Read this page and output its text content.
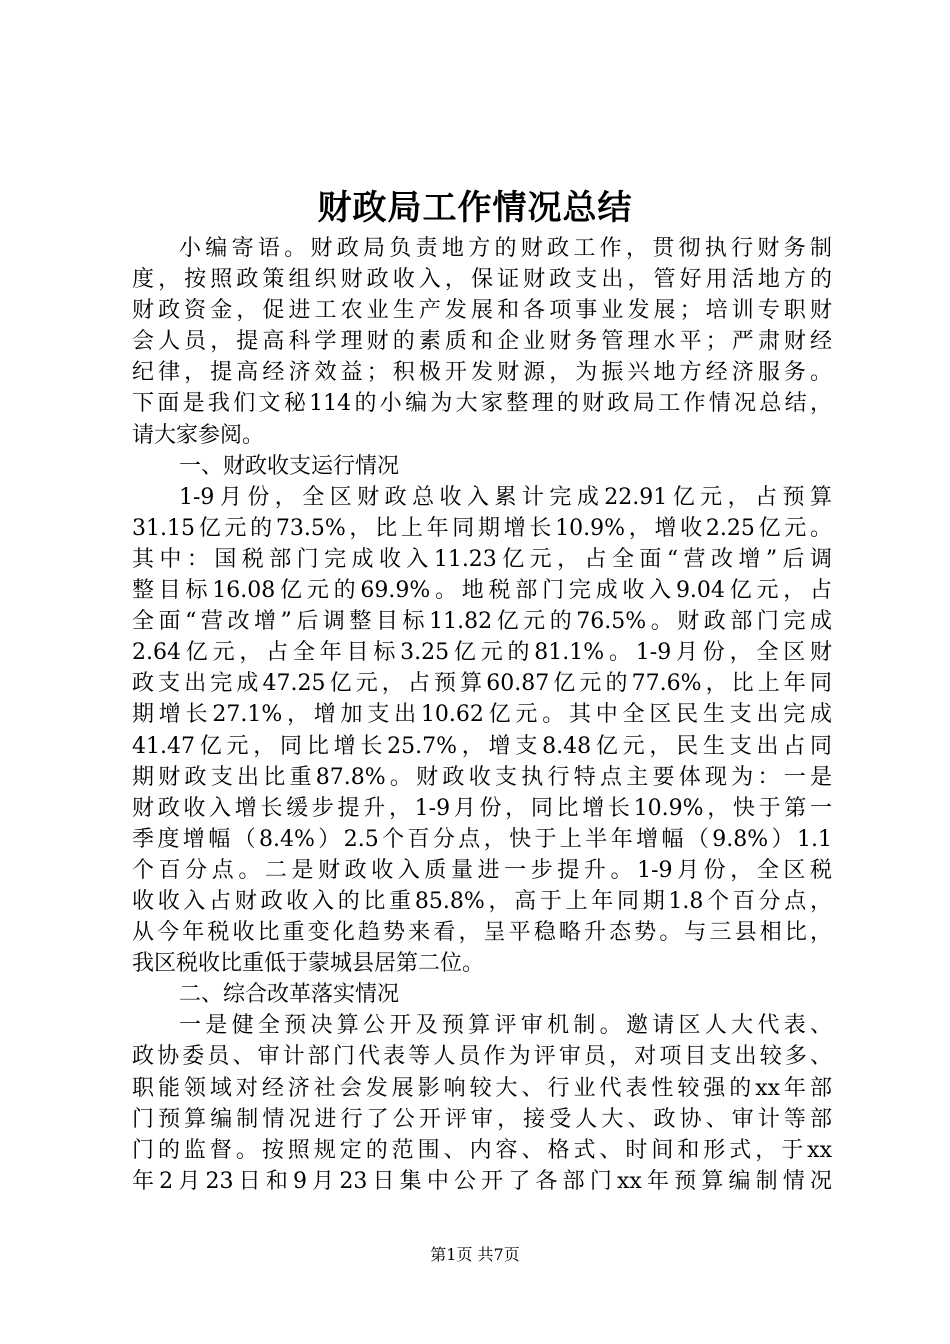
财政局工作情况总结
小编寄语。财政局负责地方的财政工作，贯彻执行财务制
度，按照政策组织财政收入，保证财政支出，管好用活地方的
财政资金，促进工农业生产发展和各项事业发展；培训专职财
会人员，提高科学理财的素质和企业财务管理水平；严肃财经
纪律，提高经济效益；积极开发财源，为振兴地方经济服务。
下面是我们文秘114的小编为大家整理的财政局工作情况总结，
请大家参阅。
一、财政收支运行情况
1-9月份，全区财政总收入累计完成22.91亿元，占预算
31.15亿元的73.5%，比上年同期增长10.9%，增收2.25亿元。
其中：国税部门完成收入11.23亿元，占全面“营改增”后调
整目标16.08亿元的69.9%。地税部门完成收入9.04亿元，占
全面“营改增”后调整目标11.82亿元的76.5%。财政部门完成
2.64亿元，占全年目标3.25亿元的81.1%。1-9月份，全区财
政支出完成47.25亿元，占预算60.87亿元的77.6%，比上年同
期增长27.1%，增加支出10.62亿元。其中全区民生支出完成
41.47亿元，同比增长25.7%，增支8.48亿元，民生支出占同
期财政支出比重87.8%。财政收支执行特点主要体现为：一是
财政收入增长缓步提升，1-9月份，同比增长10.9%，快于第一
季度增幅（8.4%）2.5个百分点，快于上半年增幅（9.8%）1.1
个百分点。二是财政收入质量进一步提升。1-9月份，全区税
收收入占财政收入的比重85.8%，高于上年同期1.8个百分点，
从今年税收比重变化趋势来看，呈平稳略升态势。与三县相比，
我区税收比重低于蒙城县居第二位。
二、综合改革落实情况
一是健全预决算公开及预算评审机制。邀请区人大代表、
政协委员、审计部门代表等人员作为评审员，对项目支出较多、
职能领域对经济社会发展影响较大、行业代表性较强的xx年部
门预算编制情况进行了公开评审，接受人大、政协、审计等部
门的监督。按照规定的范围、内容、格式、时间和形式，于xx
年2月23日和9月23日集中公开了各部门xx年预算编制情况
第1页 共7页
